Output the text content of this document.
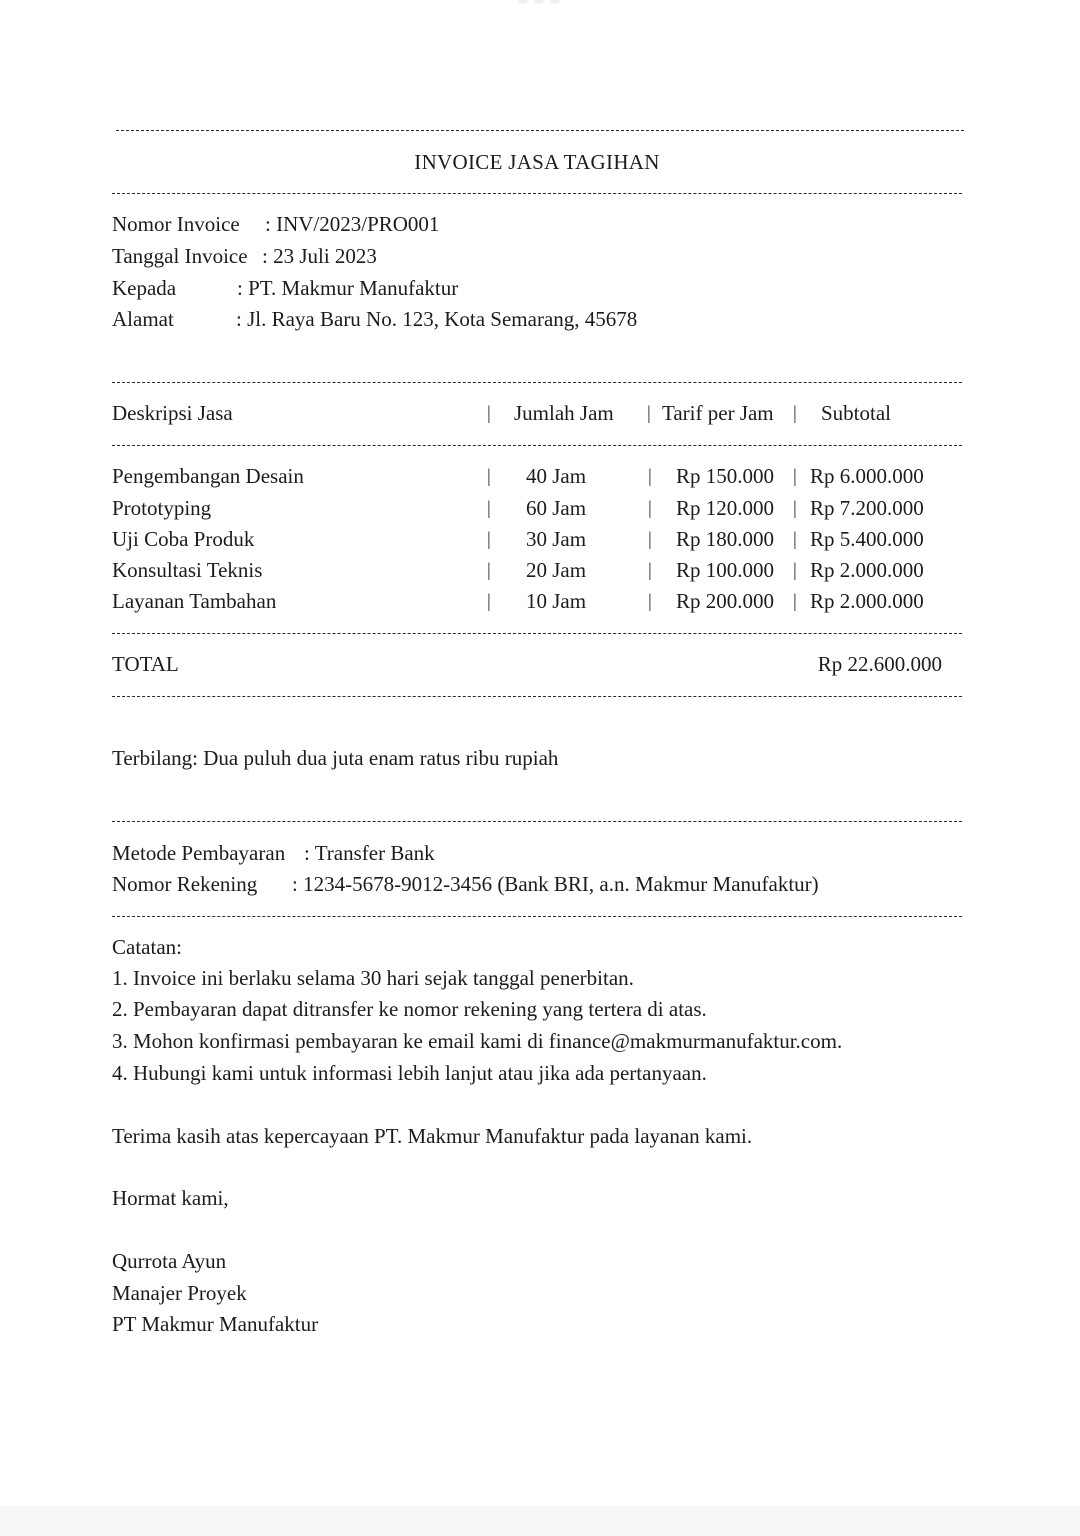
INVOICE JASA TAGIHAN
Nomor Invoice : INV/2023/PRO001
Tanggal Invoice : 23 Juli 2023
Kepada	: PT. Makmur Manufaktur
Alamat	: Jl. Raya Baru No. 123, Kota Semarang, 45678
Deskripsi Jasa	| Jumlah Jam | Tarif per Jam | Subtotal
Pengembangan Desain	| 40 Jam	| Rp 150.000 | Rp 6.000.000
Prototyping	| 60 Jam	| Rp 120.000 | Rp 7.200.000
Uji Coba Produk	| 30 Jam	| Rp 180.000 | Rp 5.400.000
Konsultasi Teknis	| 20 Jam	| Rp 100.000 | Rp 2.000.000
Layanan Tambahan	| 10 Jam	| Rp 200.000 | Rp 2.000.000
TOTAL	Rp 22.600.000
Terbilang: Dua puluh dua juta enam ratus ribu rupiah
Metode Pembayaran : Transfer Bank
Nomor Rekening : 1234-5678-9012-3456 (Bank BRI, a.n. Makmur Manufaktur)
Catatan:
1. Invoice ini berlaku selama 30 hari sejak tanggal penerbitan.
2. Pembayaran dapat ditransfer ke nomor rekening yang tertera di atas.
3. Mohon konfirmasi pembayaran ke email kami di finance@makmurmanufaktur.com.
4. Hubungi kami untuk informasi lebih lanjut atau jika ada pertanyaan.
Terima kasih atas kepercayaan PT. Makmur Manufaktur pada layanan kami.
Hormat kami,
Qurrota Ayun
Manajer Proyek
PT Makmur Manufaktur
